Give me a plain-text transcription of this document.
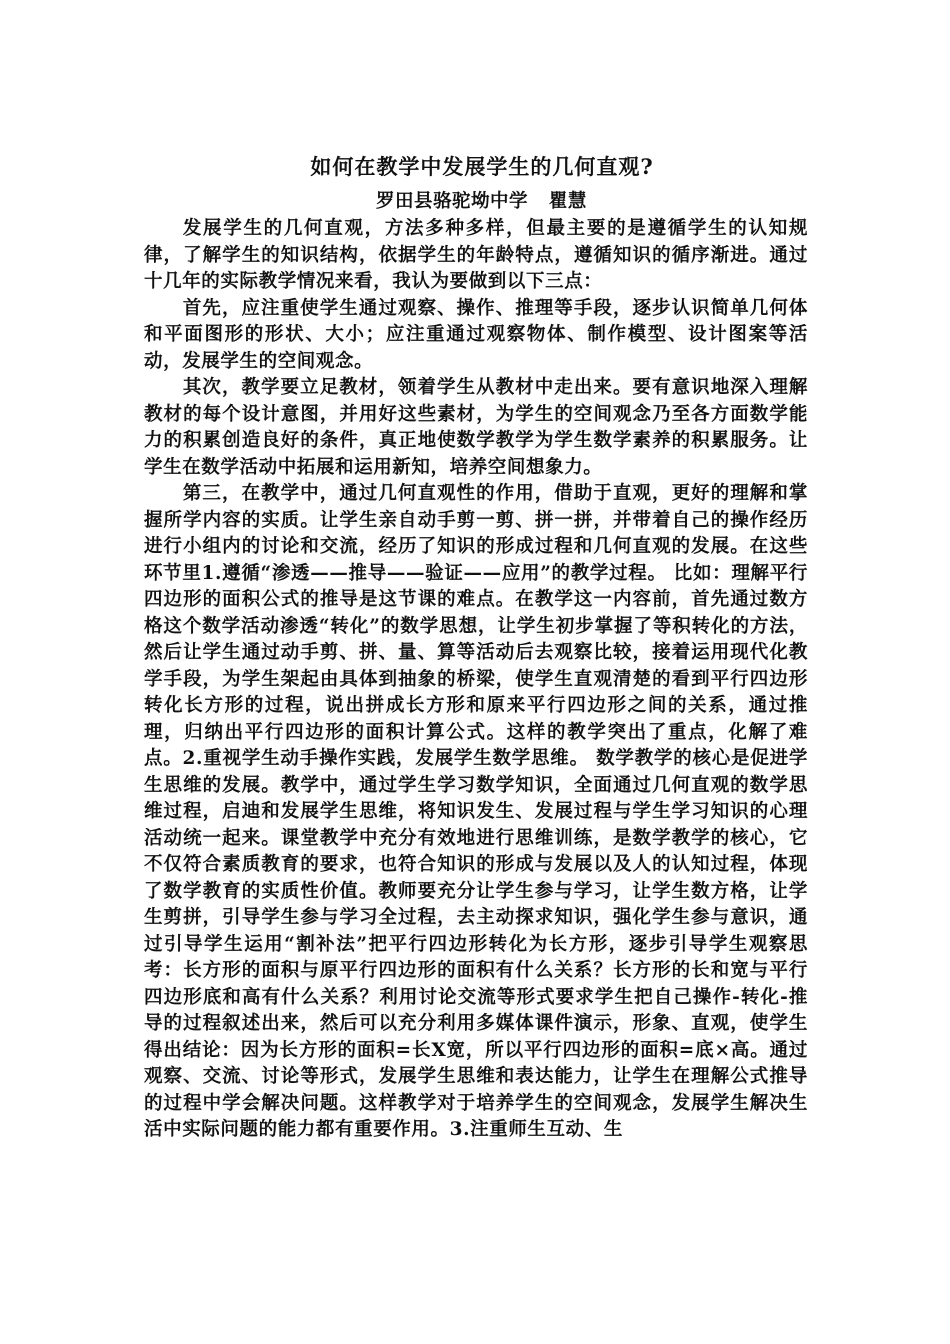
如何在教学中发展学生的几何直观?

罗田县骆驼坳中学   瞿慧

发展学生的几何直观，方法多种多样，但最主要的是遵循学生的认知规律，了解学生的知识结构，依据学生的年龄特点，遵循知识的循序渐进。通过十几年的实际教学情况来看，我认为要做到以下三点：

首先，应注重使学生通过观察、操作、推理等手段，逐步认识简单几何体和平面图形的形状、大小；应注重通过观察物体、制作模型、设计图案等活动，发展学生的空间观念。

其次，教学要立足教材，领着学生从教材中走出来。要有意识地深入理解教材的每个设计意图，并用好这些素材，为学生的空间观念乃至各方面数学能力的积累创造良好的条件，真正地使数学教学为学生数学素养的积累服务。让学生在数学活动中拓展和运用新知，培养空间想象力。

第三，在教学中，通过几何直观性的作用，借助于直观，更好的理解和掌握所学内容的实质。让学生亲自动手剪一剪、拼一拼，并带着自己的操作经历进行小组内的讨论和交流，经历了知识的形成过程和几何直观的发展。在这些环节里1.遵循“渗透——推导——验证——应用”的教学过程。 比如：理解平行四边形的面积公式的推导是这节课的难点。在教学这一内容前，首先通过数方格这个数学活动渗透“转化”的数学思想，让学生初步掌握了等积转化的方法，然后让学生通过动手剪、拼、量、算等活动后去观察比较，接着运用现代化教学手段，为学生架起由具体到抽象的桥梁，使学生直观清楚的看到平行四边形转化长方形的过程，说出拼成长方形和原来平行四边形之间的关系，通过推理，归纳出平行四边形的面积计算公式。这样的教学突出了重点，化解了难点。2.重视学生动手操作实践，发展学生数学思维。 数学教学的核心是促进学生思维的发展。教学中，通过学生学习数学知识，全面通过几何直观的数学思维过程，启迪和发展学生思维，将知识发生、发展过程与学生学习知识的心理活动统一起来。课堂教学中充分有效地进行思维训练，是数学教学的核心，它不仅符合素质教育的要求，也符合知识的形成与发展以及人的认知过程，体现了数学教育的实质性价值。教师要充分让学生参与学习，让学生数方格，让学生剪拼，引导学生参与学习全过程，去主动探求知识，强化学生参与意识，通过引导学生运用“割补法”把平行四边形转化为长方形，逐步引导学生观察思考：长方形的面积与原平行四边形的面积有什么关系？长方形的长和宽与平行四边形底和高有什么关系？利用讨论交流等形式要求学生把自己操作-转化-推导的过程叙述出来，然后可以充分利用多媒体课件演示，形象、直观，使学生得出结论：因为长方形的面积=长Χ宽，所以平行四边形的面积=底×高。通过观察、交流、讨论等形式，发展学生思维和表达能力，让学生在理解公式推导的过程中学会解决问题。这样教学对于培养学生的空间观念，发展学生解决生活中实际问题的能力都有重要作用。3.注重师生互动、生
